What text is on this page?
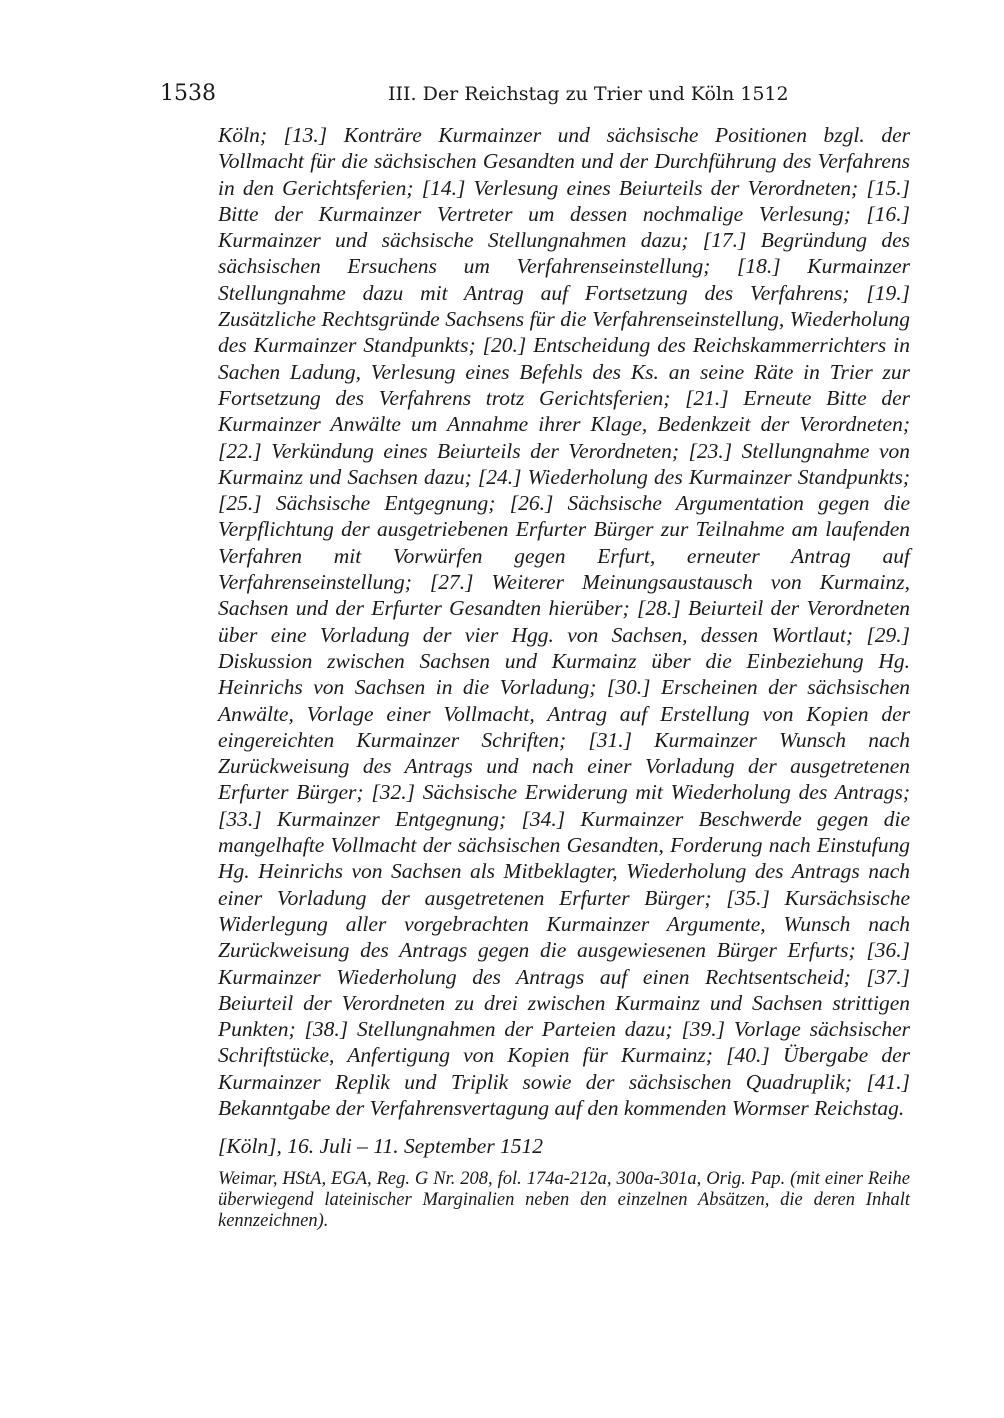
1538	III. Der Reichstag zu Trier und Köln 1512

Köln; [13.] Konträre Kurmainzer und sächsische Positionen bzgl. der Vollmacht für die sächsischen Gesandten und der Durchführung des Verfahrens in den Gerichtsferien; [14.] Verlesung eines Beiurteils der Verordneten; [15.] Bitte der Kurmainzer Vertreter um dessen nochmalige Verlesung; [16.] Kurmainzer und sächsische Stellungnahmen dazu; [17.] Begründung des sächsischen Ersuchens um Verfahrenseinstellung; [18.] Kurmainzer Stellungnahme dazu mit Antrag auf Fortsetzung des Verfahrens; [19.] Zusätzliche Rechtsgründe Sachsens für die Verfahrenseinstellung, Wiederholung des Kurmainzer Standpunkts; [20.] Entscheidung des Reichskammerrichters in Sachen Ladung, Verlesung eines Befehls des Ks. an seine Räte in Trier zur Fortsetzung des Verfahrens trotz Gerichtsferien; [21.] Erneute Bitte der Kurmainzer Anwälte um Annahme ihrer Klage, Bedenkzeit der Verordneten; [22.] Verkündung eines Beiurteils der Verordneten; [23.] Stellungnahme von Kurmainz und Sachsen dazu; [24.] Wiederholung des Kurmainzer Standpunkts; [25.] Sächsische Entgegnung; [26.] Sächsische Argumentation gegen die Verpflichtung der ausgetriebenen Erfurter Bürger zur Teilnahme am laufenden Verfahren mit Vorwürfen gegen Erfurt, erneuter Antrag auf Verfahrenseinstellung; [27.] Weiterer Meinungsaustausch von Kurmainz, Sachsen und der Erfurter Gesandten hierüber; [28.] Beiurteil der Verordneten über eine Vorladung der vier Hgg. von Sachsen, dessen Wortlaut; [29.] Diskussion zwischen Sachsen und Kurmainz über die Einbeziehung Hg. Heinrichs von Sachsen in die Vorladung; [30.] Erscheinen der sächsischen Anwälte, Vorlage einer Vollmacht, Antrag auf Erstellung von Kopien der eingereichten Kurmainzer Schriften; [31.] Kurmainzer Wunsch nach Zurückweisung des Antrags und nach einer Vorladung der ausgetretenen Erfurter Bürger; [32.] Sächsische Erwiderung mit Wiederholung des Antrags; [33.] Kurmainzer Entgegnung; [34.] Kurmainzer Beschwerde gegen die mangelhafte Vollmacht der sächsischen Gesandten, Forderung nach Einstufung Hg. Heinrichs von Sachsen als Mitbeklagter, Wiederholung des Antrags nach einer Vorladung der ausgetretenen Erfurter Bürger; [35.] Kursächsische Widerlegung aller vorgebrachten Kurmainzer Argumente, Wunsch nach Zurückweisung des Antrags gegen die ausgewiesenen Bürger Erfurts; [36.] Kurmainzer Wiederholung des Antrags auf einen Rechtsentscheid; [37.] Beiurteil der Verordneten zu drei zwischen Kurmainz und Sachsen strittigen Punkten; [38.] Stellungnahmen der Parteien dazu; [39.] Vorlage sächsischer Schriftstücke, Anfertigung von Kopien für Kurmainz; [40.] Übergabe der Kurmainzer Replik und Triplik sowie der sächsischen Quadruplik; [41.] Bekanntgabe der Verfahrensvertagung auf den kommenden Wormser Reichstag.

[Köln], 16. Juli – 11. September 1512

Weimar, HStA, EGA, Reg. G Nr. 208, fol. 174a-212a, 300a-301a, Orig. Pap. (mit einer Reihe überwiegend lateinischer Marginalien neben den einzelnen Absätzen, die deren Inhalt kennzeichnen).
